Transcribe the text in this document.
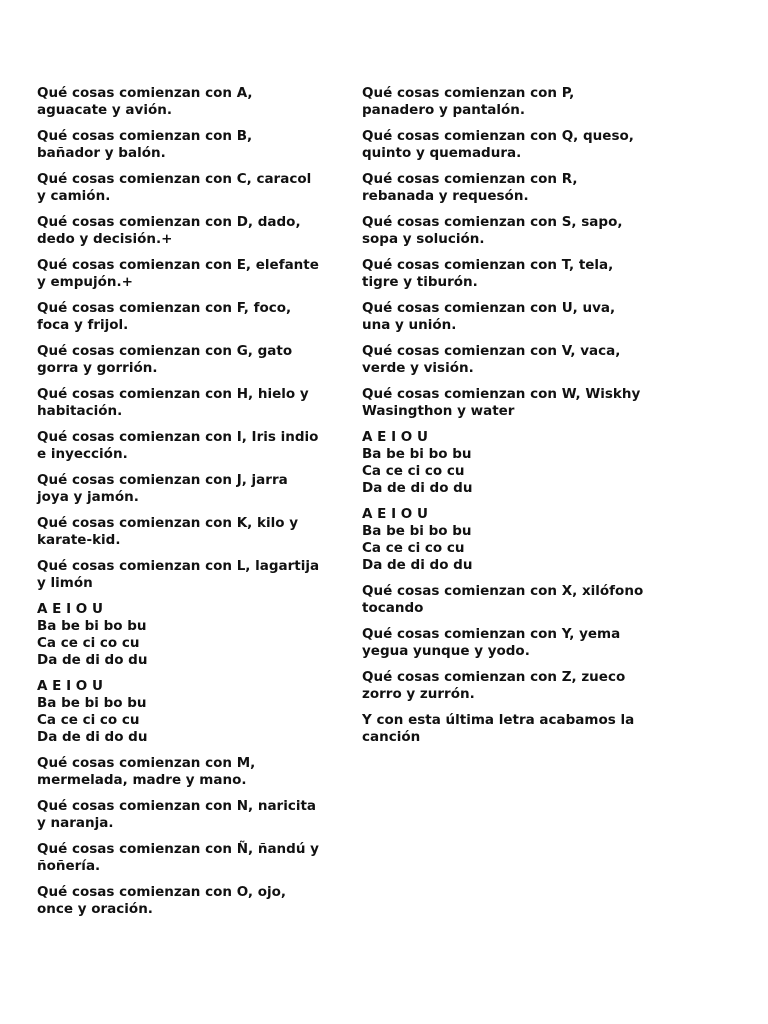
Qué cosas comienzan con A,
aguacate y avión.
Qué cosas comienzan con B,
bañador y balón.
Qué cosas comienzan con C, caracol
y camión.
Qué cosas comienzan con D, dado,
dedo y decisión.+
Qué cosas comienzan con E, elefante
y empujón.+
Qué cosas comienzan con F, foco,
foca y frijol.
Qué cosas comienzan con G, gato
gorra y gorrión.
Qué cosas comienzan con H, hielo y
habitación.
Qué cosas comienzan con I, Iris indio
e inyección.
Qué cosas comienzan con J, jarra
joya y jamón.
Qué cosas comienzan con K, kilo y
karate-kid.
Qué cosas comienzan con L, lagartija
y limón
A E I O U
Ba be bi bo bu
Ca ce ci co cu
Da de di do du
A E I O U
Ba be bi bo bu
Ca ce ci co cu
Da de di do du
Qué cosas comienzan con M,
mermelada, madre y mano.
Qué cosas comienzan con N, naricita
y naranja.
Qué cosas comienzan con Ñ, ñandú y
ñoñería.
Qué cosas comienzan con O, ojo,
once y oración.
Qué cosas comienzan con P,
panadero y pantalón.
Qué cosas comienzan con Q, queso,
quinto y quemadura.
Qué cosas comienzan con R,
rebanada y requesón.
Qué cosas comienzan con S, sapo,
sopa y solución.
Qué cosas comienzan con T, tela,
tigre y tiburón.
Qué cosas comienzan con U, uva,
una y unión.
Qué cosas comienzan con V, vaca,
verde y visión.
Qué cosas comienzan con W, Wiskhy
Wasingthon y water
A E I O U
Ba be bi bo bu
Ca ce ci co cu
Da de di do du
A E I O U
Ba be bi bo bu
Ca ce ci co cu
Da de di do du
Qué cosas comienzan con X, xilófono
tocando
Qué cosas comienzan con Y, yema
yegua yunque y yodo.
Qué cosas comienzan con Z, zueco
zorro y zurrón.
Y con esta última letra acabamos la
canción
